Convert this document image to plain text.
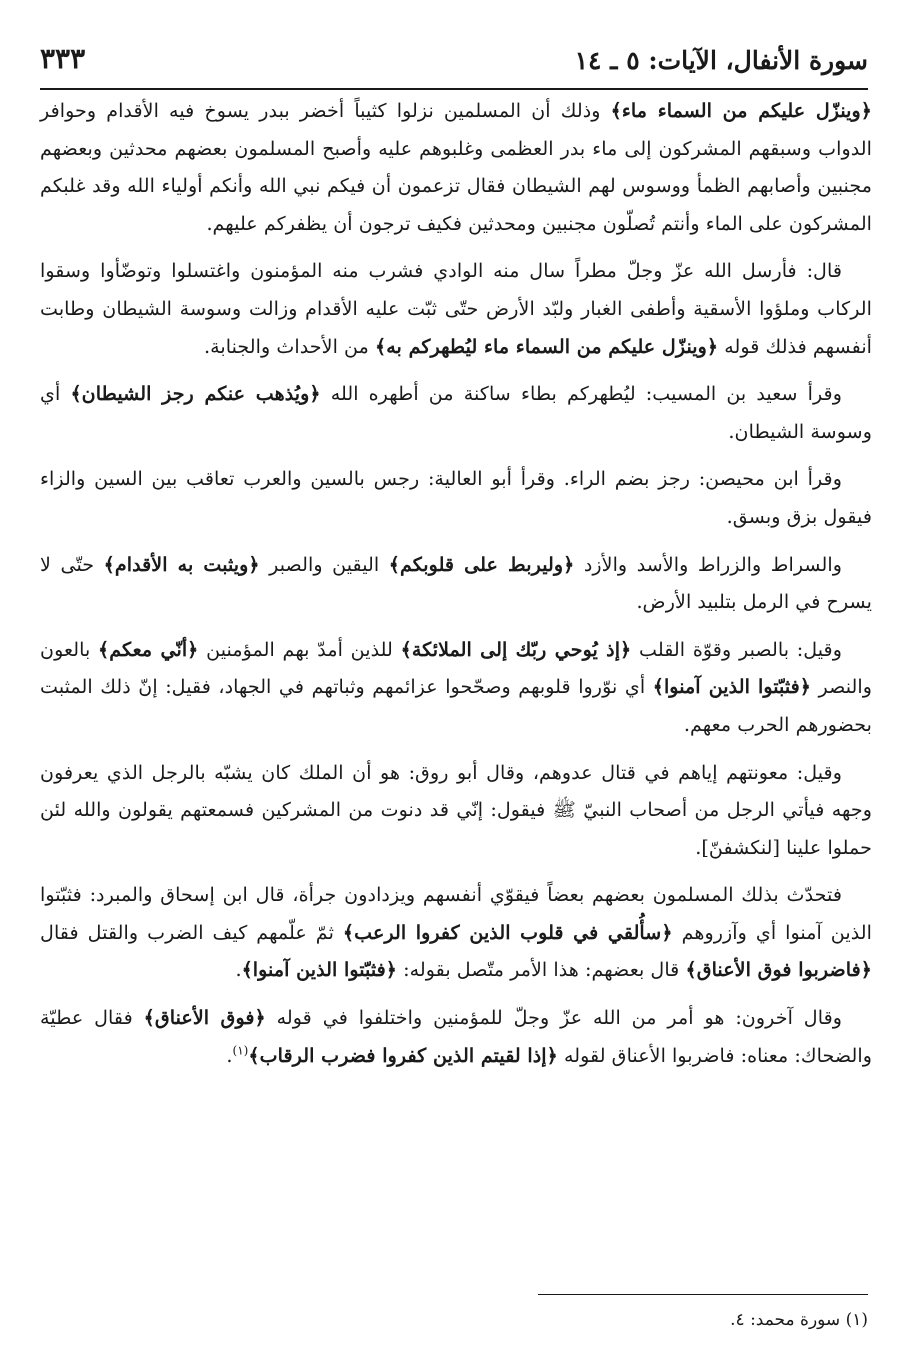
سورة الأنفال، الآيات: ٥ ـ ١٤
٣٣٣

﴿وينزّل عليكم من السماء ماء﴾ وذلك أن المسلمين نزلوا كثيباً أخضر ببدر يسوخ فيه الأقدام وحوافر الدواب وسبقهم المشركون إلى ماء بدر العظمى وغلبوهم عليه وأصبح المسلمون بعضهم محدثين وبعضهم مجنبين وأصابهم الظمأ ووسوس لهم الشيطان فقال تزعمون أن فيكم نبي الله وأنكم أولياء الله وقد غلبكم المشركون على الماء وأنتم تُصلّون مجنبين ومحدثين فكيف ترجون أن يظفركم عليهم.

قال: فأرسل الله عزّ وجلّ مطراً سال منه الوادي فشرب منه المؤمنون واغتسلوا وتوضّأوا وسقوا الركاب وملؤوا الأسقية وأطفى الغبار ولبّد الأرض حتّى ثبّت عليه الأقدام وزالت وسوسة الشيطان وطابت أنفسهم فذلك قوله ﴿وينزّل عليكم من السماء ماء ليُطهركم به﴾ من الأحداث والجنابة.

وقرأ سعيد بن المسيب: ليُطهركم بطاء ساكنة من أطهره الله ﴿ويُذهب عنكم رجز الشيطان﴾ أي وسوسة الشيطان.

وقرأ ابن محيصن: رجز بضم الراء. وقرأ أبو العالية: رجس بالسين والعرب تعاقب بين السين والزاء فيقول بزق وبسق.

والسراط والزراط والأسد والأزد ﴿وليربط على قلوبكم﴾ اليقين والصبر ﴿ويثبت به الأقدام﴾ حتّى لا يسرح في الرمل بتلبيد الأرض.

وقيل: بالصبر وقوّة القلب ﴿إذ يُوحي ربّك إلى الملائكة﴾ للذين أمدّ بهم المؤمنين ﴿أنّي معكم﴾ بالعون والنصر ﴿فثبّتوا الذين آمنوا﴾ أي نوّروا قلوبهم وصحّحوا عزائمهم وثباتهم في الجهاد، فقيل: إنّ ذلك المثبت بحضورهم الحرب معهم.

وقيل: معونتهم إياهم في قتال عدوهم، وقال أبو روق: هو أن الملك كان يشبّه بالرجل الذي يعرفون وجهه فيأتي الرجل من أصحاب النبيّ ﷺ فيقول: إنّي قد دنوت من المشركين فسمعتهم يقولون والله لئن حملوا علينا [لنكشفنّ].

فتحدّث بذلك المسلمون بعضهم بعضاً فيقوّي أنفسهم ويزدادون جرأة، قال ابن إسحاق والمبرد: فثبّتوا الذين آمنوا أي وآزروهم ﴿سأُلقي في قلوب الذين كفروا الرعب﴾ ثمّ علّمهم كيف الضرب والقتل فقال ﴿فاضربوا فوق الأعناق﴾ قال بعضهم: هذا الأمر متّصل بقوله: ﴿فثبّتوا الذين آمنوا﴾.

وقال آخرون: هو أمر من الله عزّ وجلّ للمؤمنين واختلفوا في قوله ﴿فوق الأعناق﴾ فقال عطيّة والضحاك: معناه: فاضربوا الأعناق لقوله ﴿إذا لقيتم الذين كفروا فضرب الرقاب﴾$^{(١)}$.

(١) سورة محمد: ٤.
